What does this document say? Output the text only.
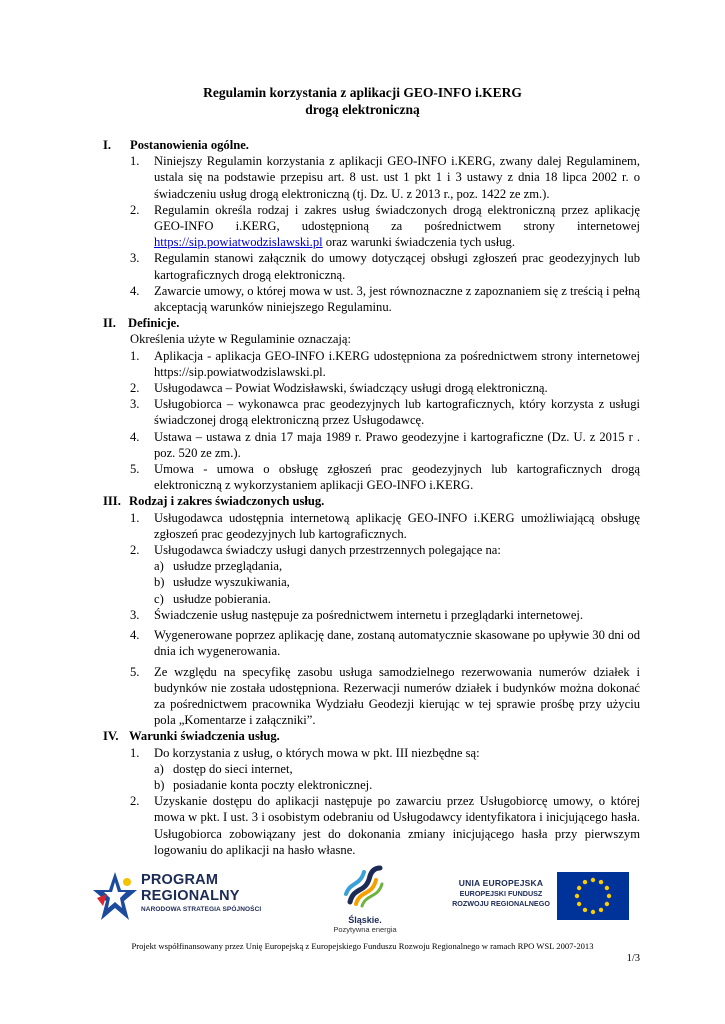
Regulamin korzystania z aplikacji GEO-INFO i.KERG
drogą elektroniczną
I.	Postanowienia ogólne.
1.	Niniejszy Regulamin korzystania z aplikacji GEO-INFO i.KERG, zwany dalej Regulaminem, ustala się na podstawie przepisu art. 8 ust. ust 1 pkt 1 i 3 ustawy z dnia 18 lipca 2002 r. o świadczeniu usług drogą elektroniczną (tj. Dz. U. z 2013 r., poz. 1422 ze zm.).
2.	Regulamin określa rodzaj i zakres usług świadczonych drogą elektroniczną przez aplikację GEO-INFO i.KERG, udostępnioną za pośrednictwem strony internetowej https://sip.powiatwodzislawski.pl oraz warunki świadczenia tych usług.
3.	Regulamin stanowi załącznik do umowy dotyczącej obsługi zgłoszeń prac geodezyjnych lub kartograficznych drogą elektroniczną.
4.	Zawarcie umowy, o której mowa w ust. 3, jest równoznaczne z zapoznaniem się z treścią i pełną akceptacją warunków niniejszego Regulaminu.
II. Definicje.
Określenia użyte w Regulaminie oznaczają:
1.	Aplikacja - aplikacja GEO-INFO i.KERG udostępniona za pośrednictwem strony internetowej https://sip.powiatwodzislawski.pl.
2.	Usługodawca – Powiat Wodzisławski, świadczący usługi drogą elektroniczną.
3.	Usługobiorca – wykonawca prac geodezyjnych lub kartograficznych, który korzysta z usługi świadczonej drogą elektroniczną przez Usługodawcę.
4.	Ustawa – ustawa z dnia 17 maja 1989 r. Prawo geodezyjne i kartograficzne (Dz. U. z 2015 r . poz. 520 ze zm.).
5.	Umowa - umowa o obsługę zgłoszeń prac geodezyjnych lub kartograficznych drogą elektroniczną z wykorzystaniem aplikacji GEO-INFO i.KERG.
III. Rodzaj i zakres świadczonych usług.
1.	Usługodawca udostępnia internetową aplikację GEO-INFO i.KERG umożliwiającą obsługę zgłoszeń prac geodezyjnych lub kartograficznych.
2.	Usługodawca świadczy usługi danych przestrzennych polegające na:
a) usłudze przeglądania,
b) usłudze wyszukiwania,
c) usłudze pobierania.
3.	Świadczenie usług następuje za pośrednictwem internetu i przeglądarki internetowej.
4.	Wygenerowane poprzez aplikację dane, zostaną automatycznie skasowane po upływie 30 dni od dnia ich wygenerowania.
5.	Ze względu na specyfikę zasobu usługa samodzielnego rezerwowania numerów działek i budynków nie została udostępniona. Rezerwacji numerów działek i budynków można dokonać za pośrednictwem pracownika Wydziału Geodezji kierując w tej sprawie prośbę przy użyciu pola „Komentarze i załączniki”.
IV. Warunki świadczenia usług.
1.	Do korzystania z usług, o których mowa w pkt. III niezbędne są:
a) dostęp do sieci internet,
b) posiadanie konta poczty elektronicznej.
2.	Uzyskanie dostępu do aplikacji następuje po zawarciu przez Usługobiorcę umowy, o której mowa w pkt. I ust. 3 i osobistym odebraniu od Usługodawcy identyfikatora i inicjującego hasła. Usługobiorca zobowiązany jest do dokonania zmiany inicjującego hasła przy pierwszym logowaniu do aplikacji na hasło własne.
PROGRAM
REGIONALNY
NARODOWA STRATEGIA SPÓJNOŚCI
Śląskie.
Pozytywna energia
UNIA EUROPEJSKA
EUROPEJSKI FUNDUSZ
ROZWOJU REGIONALNEGO
Projekt współfinansowany przez Unię Europejską z Europejskiego Funduszu Rozwoju Regionalnego w ramach RPO WSL 2007-2013
1/3
